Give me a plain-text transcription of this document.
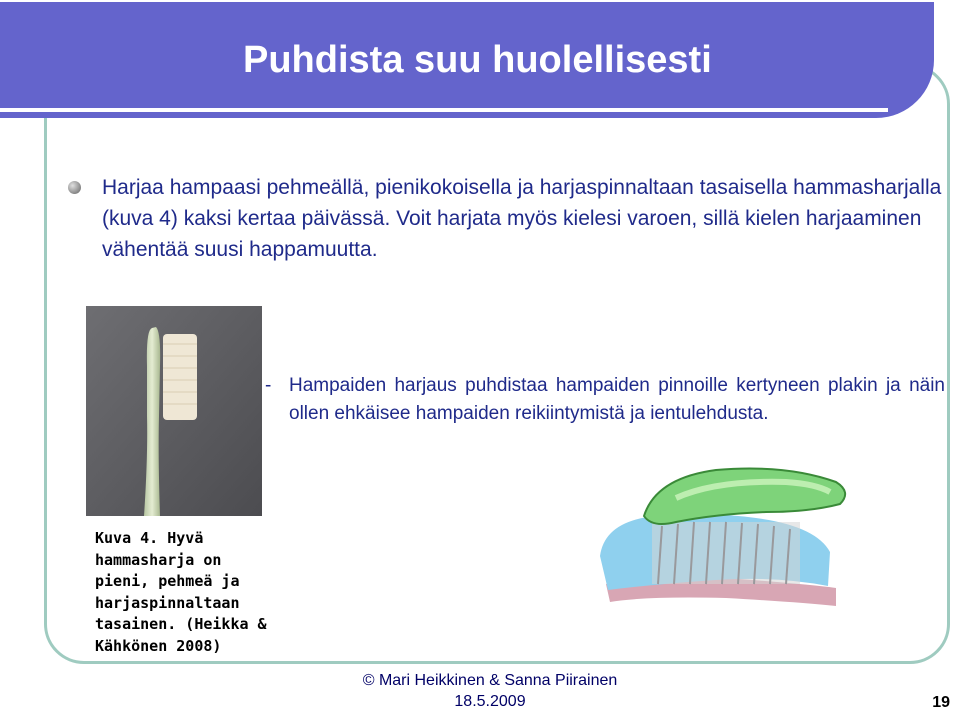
Puhdista suu huolellisesti

Harjaa hampaasi pehmeällä, pienikokoisella ja harjaspinnaltaan tasaisella hammasharjalla (kuva 4) kaksi kertaa päivässä. Voit harjata myös kielesi varoen, sillä kielen harjaaminen vähentää suusi happamuutta.

Kuva 4. Hyvä hammasharja on pieni, pehmeä ja harjaspinnaltaan tasainen. (Heikka & Kähkönen 2008)

- Hampaiden harjaus puhdistaa hampaiden pinnoille kertyneen plakin ja näin ollen ehkäisee hampaiden reikiintymistä ja ientulehdusta.

© Mari Heikkinen & Sanna Piirainen

18.5.2009	19
